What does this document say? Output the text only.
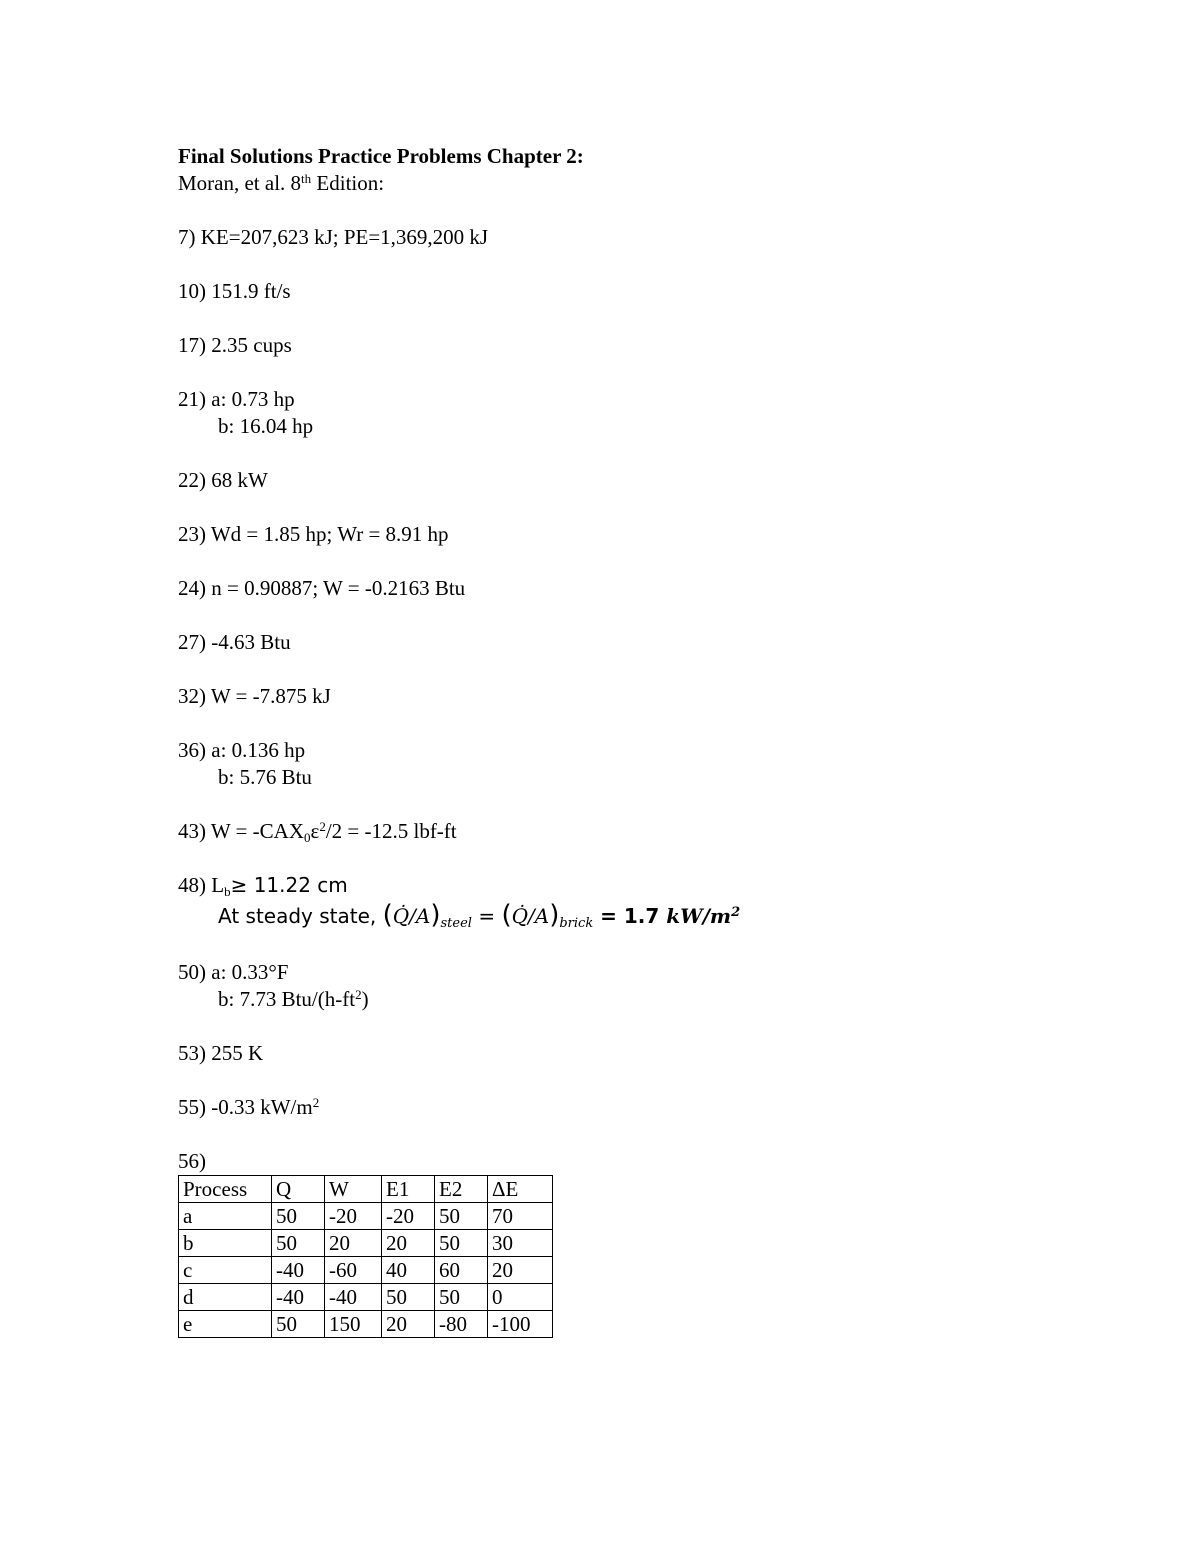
Final Solutions Practice Problems Chapter 2:
Moran, et al. 8th Edition:
7) KE=207,623 kJ; PE=1,369,200 kJ
10) 151.9 ft/s
17) 2.35 cups
21) a: 0.73 hp
b: 16.04 hp
22) 68 kW
23) Wd = 1.85 hp; Wr = 8.91 hp
24) n = 0.90887; W = -0.2163 Btu
27) -4.63 Btu
32) W = -7.875 kJ
36) a: 0.136 hp
b: 5.76 Btu
43) $W = -CAX_0\varepsilon^2/2 = -12.5$ lbf-ft
48) $L_b\ge 11.22$ cm
At steady state, $(Q̇/A)_{steel}$ = $(Q̇/A)_{brick} = 1.7$ $kW/m^2$
50) a: 0.33°F
b: 7.73 Btu/$(h-ft^2)$
53) 255 K
55) -0.33 $kW/m^2$
56)
Process	Q	W	E1	E2	ΔE
a	50	-20	-20	50	70
b	50	20	20	50	30
c	-40	-60	40	60	20
d	-40	-40	50	50	0
e	50	150	20	-80	-100
